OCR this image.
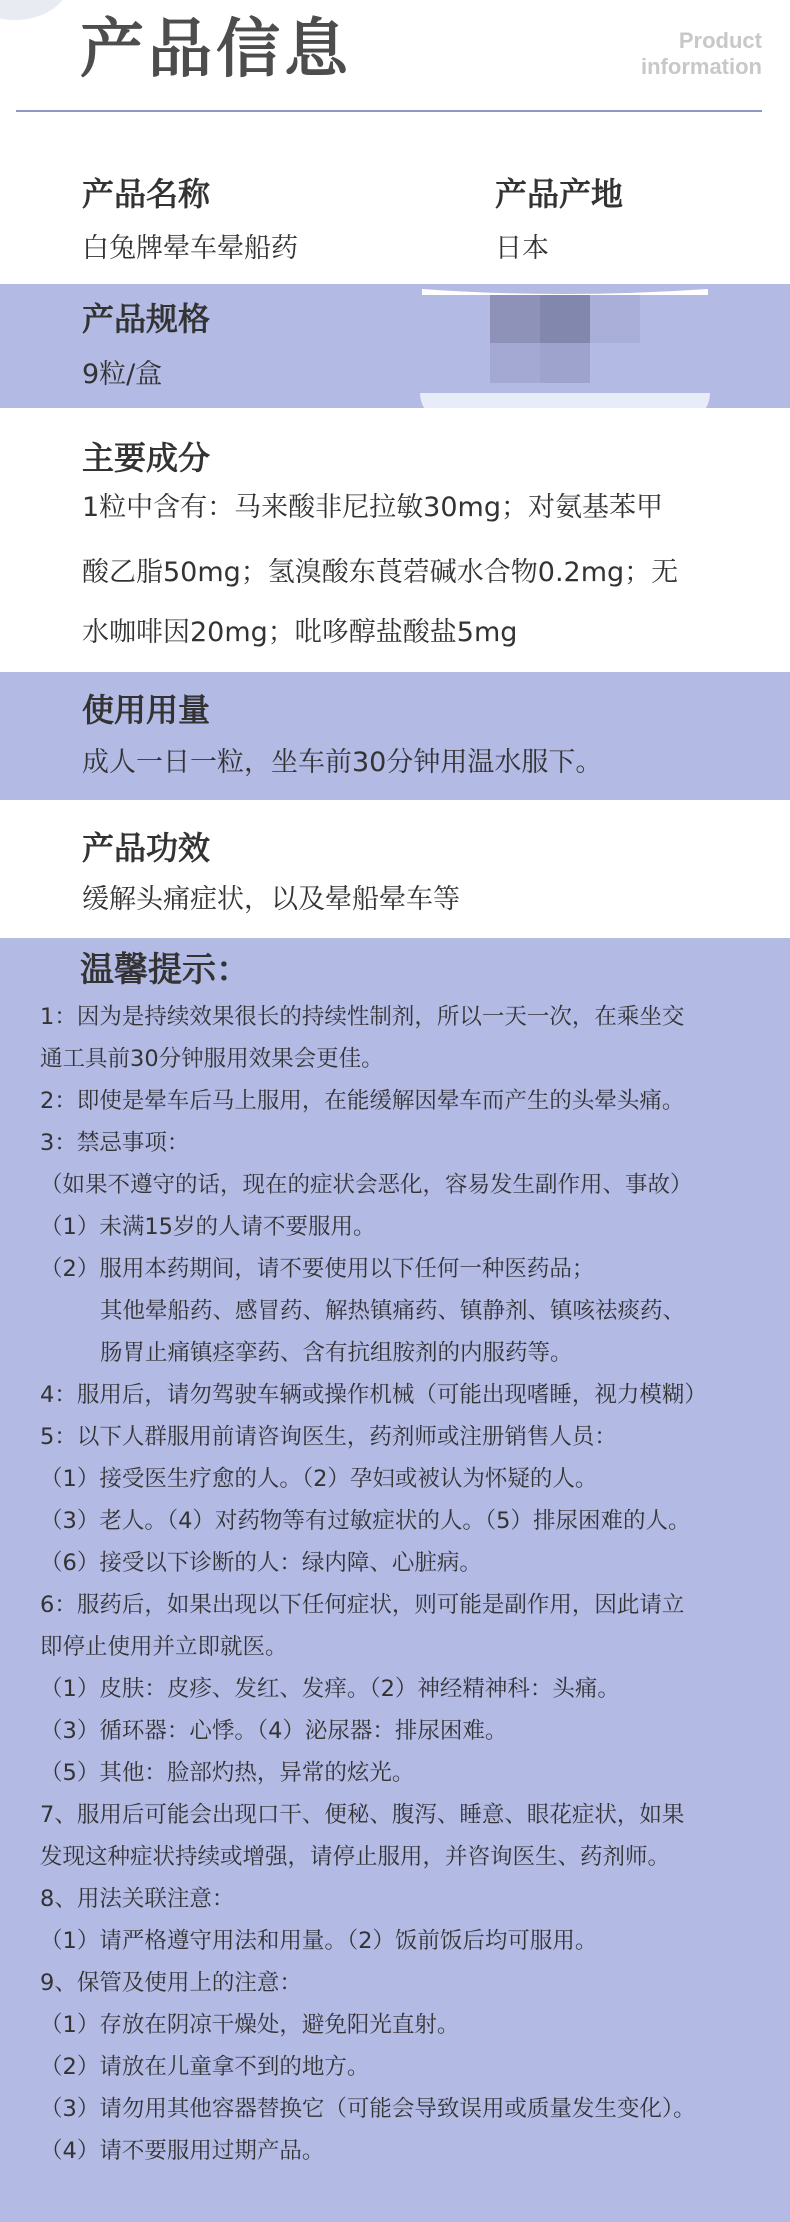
产品信息	Product
information
产品名称
白兔牌晕车晕船药
产品产地
日本
产品规格
9粒/盒
主要成分
1粒中含有：马来酸非尼拉敏30mg；对氨基苯甲
酸乙脂50mg；氢溴酸东莨菪碱水合物0.2mg；无
水咖啡因20mg；吡哆醇盐酸盐5mg
使用用量
成人一日一粒，坐车前30分钟用温水服下。
产品功效
缓解头痛症状，以及晕船晕车等
温馨提示：
1：因为是持续效果很长的持续性制剂，所以一天一次，在乘坐交
通工具前30分钟服用效果会更佳。
2：即使是晕车后马上服用，在能缓解因晕车而产生的头晕头痛。
3：禁忌事项：
（如果不遵守的话，现在的症状会恶化，容易发生副作用、事故）
（1）未满15岁的人请不要服用。
（2）服用本药期间，请不要使用以下任何一种医药品；
其他晕船药、感冒药、解热镇痛药、镇静剂、镇咳祛痰药、
肠胃止痛镇痉挛药、含有抗组胺剂的内服药等。
4：服用后，请勿驾驶车辆或操作机械（可能出现嗜睡，视力模糊）
5：以下人群服用前请咨询医生，药剂师或注册销售人员：
（1）接受医生疗愈的人。（2）孕妇或被认为怀疑的人。
（3）老人。（4）对药物等有过敏症状的人。（5）排尿困难的人。
（6）接受以下诊断的人：绿内障、心脏病。
6：服药后，如果出现以下任何症状，则可能是副作用，因此请立
即停止使用并立即就医。
（1）皮肤：皮疹、发红、发痒。（2）神经精神科：头痛。
（3）循环器：心悸。（4）泌尿器：排尿困难。
（5）其他：脸部灼热，异常的炫光。
7、服用后可能会出现口干、便秘、腹泻、睡意、眼花症状，如果
发现这种症状持续或增强，请停止服用，并咨询医生、药剂师。
8、用法关联注意：
（1）请严格遵守用法和用量。（2）饭前饭后均可服用。
9、保管及使用上的注意：
（1）存放在阴凉干燥处，避免阳光直射。
（2）请放在儿童拿不到的地方。
（3）请勿用其他容器替换它（可能会导致误用或质量发生变化）。
（4）请不要服用过期产品。
